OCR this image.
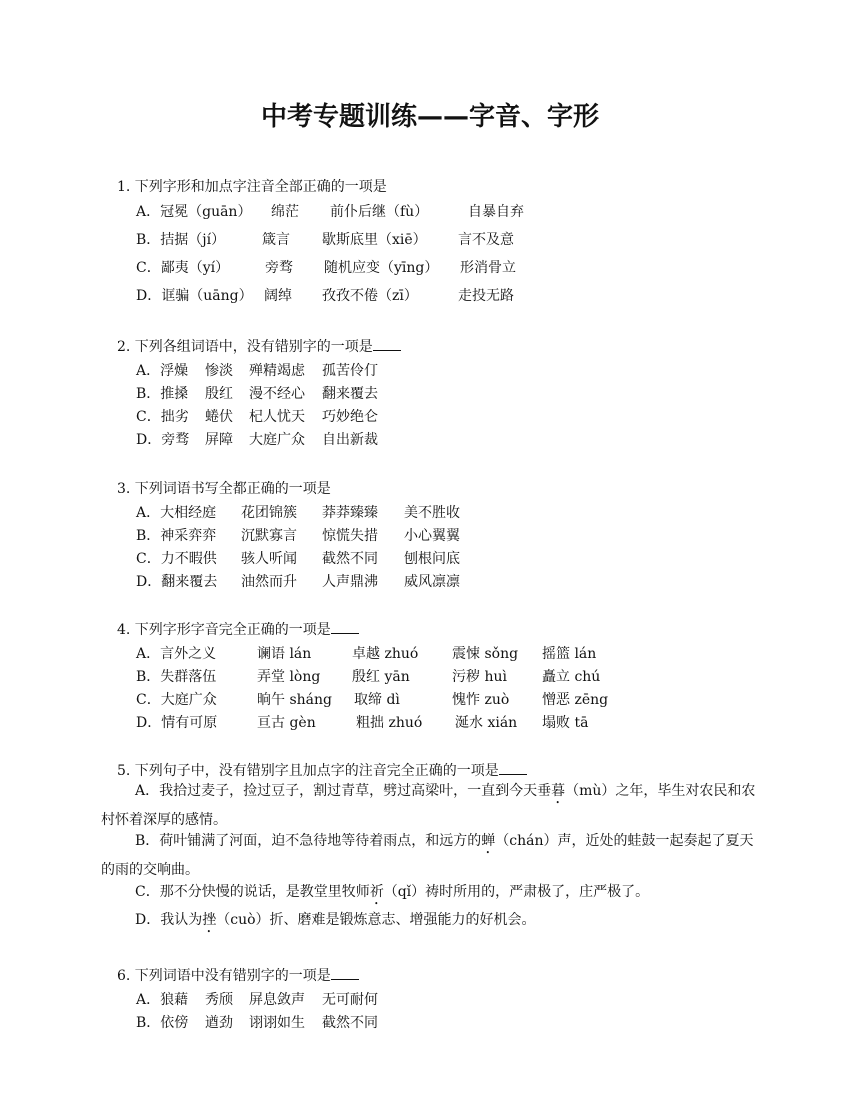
中考专题训练——字音、字形
1. 下列字形和加点字注音全部正确的一项是
A．冠冕（guān） 绵茫 前仆后继（fù）	自暴自弃
B．拮据（jí）	箴言 歇斯底里（xiē） 言不及意
C．鄙夷（yí）	旁骛 随机应变（yīng） 形消骨立
D．诓骗（uāng） 阔绰 孜孜不倦（zī）	走投无路
2. 下列各组词语中，没有错别字的一项是
A．浮燥 惨淡 殚精竭虑 孤苦伶仃
B．推搡 殷红 漫不经心 翻来覆去
C．拙劣 蜷伏 杞人忧天 巧妙绝仑
D．旁骛 屏障 大庭广众 自出新裁
3. 下列词语书写全都正确的一项是
A．大相经庭 花团锦簇 莽莽臻臻 美不胜收
B．神采弈弈 沉默寡言 惊慌失措 小心翼翼
C．力不暇供 骇人听闻 截然不同 刨根问底
D．翻来覆去 油然而升 人声鼎沸 威风凛凛
4. 下列字形字音完全正确的一项是
A．言外之义	谰语 lán	卓越 zhuó 震悚 sǒng 摇篮 lán
B．失群落伍	弄堂 lòng 殷红 yān	污秽 huì	矗立 chú
C．大庭广众	晌午 sháng 取缔 dì	愧怍 zuò 憎恶 zēng
D．情有可原	亘古 gèn	粗拙 zhuó 涎水 xián 塌败 tā
5. 下列句子中，没有错别字且加点字的注音完全正确的一项是
A．我拾过麦子，捡过豆子，割过青草，劈过高梁叶，一直到今天垂暮（mù）之年，毕生对农民和农村怀着深厚的感情。
B．荷叶铺满了河面，迫不急待地等待着雨点，和远方的蝉（chán）声，近处的蛙鼓一起奏起了夏天的雨的交响曲。
C．那不分快慢的说话，是教堂里牧师祈（qǐ）祷时所用的，严肃极了，庄严极了。
D．我认为挫（cuò）折、磨难是锻炼意志、增强能力的好机会。
6. 下列词语中没有错别字的一项是
A．狼藉 秀颀 屏息敛声 无可耐何
B．依傍 遒劲 诩诩如生 截然不同
